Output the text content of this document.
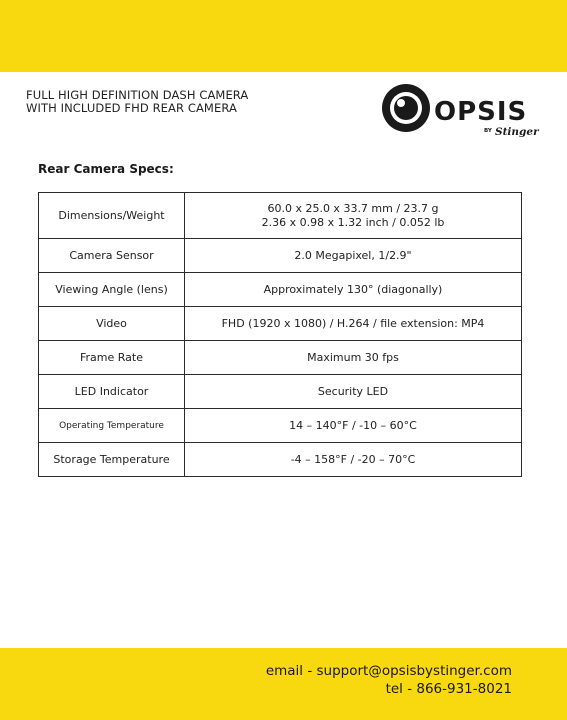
FULL HIGH DEFINITION DASH CAMERA
WITH INCLUDED FHD REAR CAMERA	OPSIS
BY Stinger
Rear Camera Specs:
Dimensions/Weight	60.0 x 25.0 x 33.7 mm / 23.7 g
2.36 x 0.98 x 1.32 inch / 0.052 lb

Camera Sensor	2.0 Megapixel, 1/2.9"
Viewing Angle (lens)	Approximately 130° (diagonally)
Video	FHD (1920 x 1080) / H.264 / file extension: MP4
Frame Rate	Maximum 30 fps
LED Indicator	Security LED
Operating Temperature	14 – 140°F / -10 – 60°C
Storage Temperature	-4 – 158°F / -20 – 70°C
email - support@opsisbystinger.com
tel - 866-931-8021
